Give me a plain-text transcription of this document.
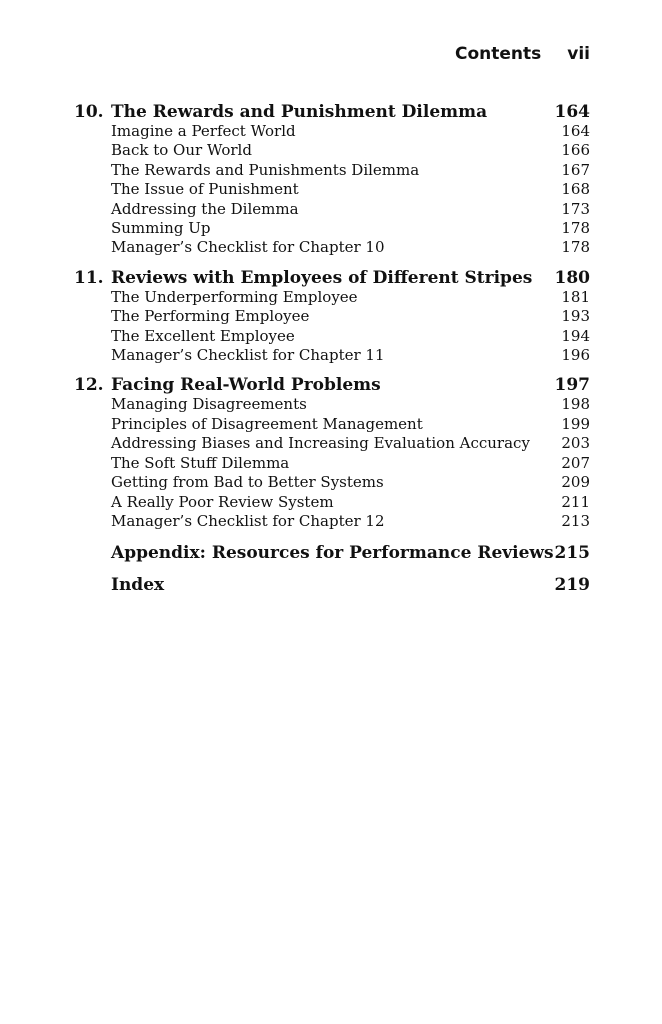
Contents vii
10. The Rewards and Punishment Dilemma	164
Imagine a Perfect World	164
Back to Our World	166
The Rewards and Punishments Dilemma	167
The Issue of Punishment	168
Addressing the Dilemma	173
Summing Up	178
Manager’s Checklist for Chapter 10	178
11. Reviews with Employees of Different Stripes 180
The Underperforming Employee	181
The Performing Employee	193
The Excellent Employee	194
Manager’s Checklist for Chapter 11	196
12. Facing Real-World Problems	197
Managing Disagreements	198
Principles of Disagreement Management	199
Addressing Biases and Increasing Evaluation Accuracy 203
The Soft Stuff Dilemma	207
Getting from Bad to Better Systems	209
A Really Poor Review System	211
Manager’s Checklist for Chapter 12	213
Appendix: Resources for Performance Reviews 215
Index	219
